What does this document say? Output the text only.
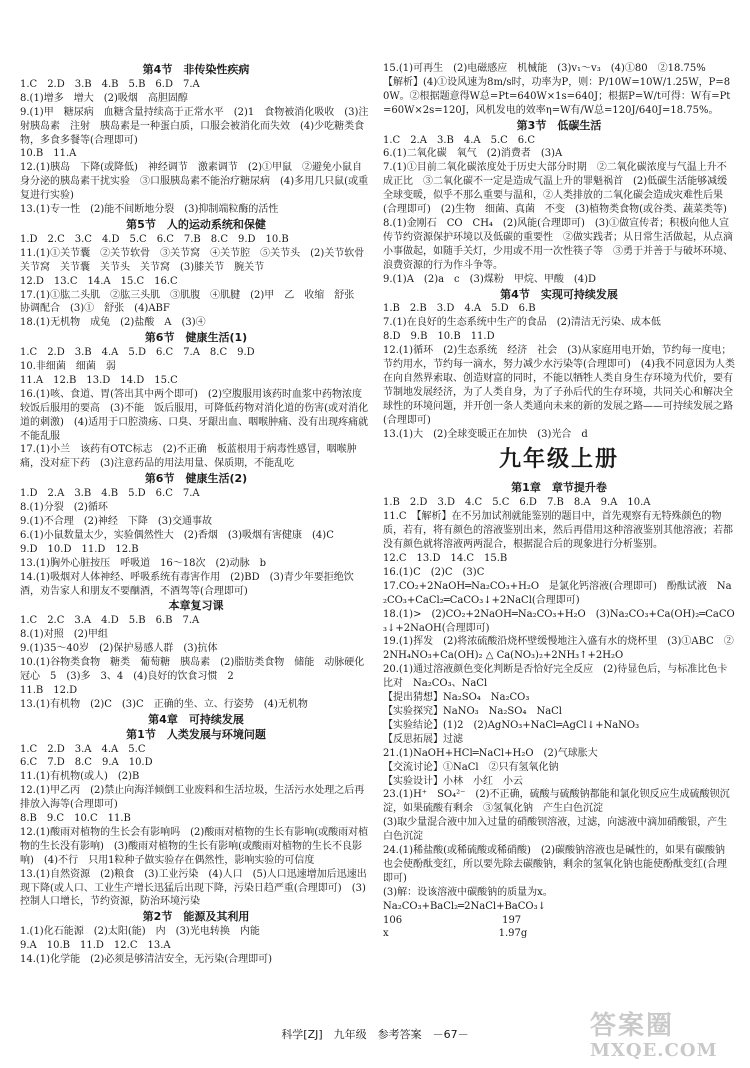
第4节　非传染性疾病
1.C　2.D　3.B　4.B　5.B　6.D　7.A
8.(1)增多　增大　(2)吸烟　高胆固醇
9.(1)甲　糖尿病　血糖含量持续高于正常水平　(2)1　食物被消化吸收　(3)注射胰岛素　注射　胰岛素是一种蛋白质，口服会被消化而失效　(4)少吃糖类食物，多食多餐等(合理即可)
10.B　11.A
12.(1)胰岛　下降(或降低)　神经调节　激素调节　(2)①甲鼠　②避免小鼠自身分泌的胰岛素干扰实验　③口服胰岛素不能治疗糖尿病　(4)多用几只鼠(或重复进行实验)
13.(1)专一性　(2)能不间断地分裂　(3)抑制端粒酶的活性
第5节　人的运动系统和保健
1.D　2.C　3.C　4.D　5.C　6.C　7.B　8.C　9.D　10.B
11.(1)①关节囊　②关节软骨　③关节窝　④关节腔　⑤关节头　(2)关节软骨　关节窝　关节囊　关节头　关节窝　(3)膝关节　腕关节
12.D　13.C　14.A　15.C　16.C
17.(1)①肱二头肌　②肱三头肌　③肌腹　④肌腱　(2)甲　乙　收缩　舒张　协调配合　(3)①　舒张　(4)ABF
18.(1)无机物　成兔　(2)盐酸　A　(3)④
第6节　健康生活(1)
1.C　2.D　3.B　4.A　5.D　6.C　7.A　8.C　9.D
10.非细菌　细菌　弱
11.A　12.B　13.D　14.D　15.C
16.(1)咳、食道、胃(答出其中两个即可)　(2)空腹服用该药时血浆中药物浓度较饭后服用的要高　(3)不能　饭后服用，可降低药物对消化道的伤害(或对消化道的刺激)　(4)适用于口腔溃疡、口臭、牙龈出血、咽喉肿痛、没有出现疼痛就不能乱服
17.(1)小兰　该药有OTC标志　(2)不正确　板蓝根用于病毒性感冒，咽喉肿痛，没对症下药　(3)注意药品的用法用量、保质期，不能乱吃
第6节　健康生活(2)
1.D　2.A　3.B　4.B　5.D　6.C　7.A
8.(1)分裂　(2)循环
9.(1)不合理　(2)神经　下降　(3)交通事故
6.(1)小鼠数量太少，实验偶然性大　(2)香烟　(3)吸烟有害健康　(4)C
9.D　10.D　11.D　12.B
13.(1)胸外心脏按压　呼吸道　16～18次　(2)动脉　b
14.(1)吸烟对人体神经、呼吸系统有毒害作用　(2)BD　(3)青少年要拒绝饮酒，劝告家人和朋友不要酗酒，不酒驾等(合理即可)
本章复习课
1.C　2.C　3.A　4.D　5.B　6.B　7.A
8.(1)对照　(2)甲组
9.(1)35～40岁　(2)保护易感人群　(3)抗体
10.(1)谷物类食物　糖类　葡萄糖　胰岛素　(2)脂肪类食物　储能　动脉硬化　冠心　5　(3)多　3、4　(4)良好的饮食习惯　2
11.B　12.D
13.(1)有机物　(2)C　(3)C　正确的坐、立、行姿势　(4)无机物
第4章　可持续发展
第1节　人类发展与环境问题
1.C　2.D　3.A　4.A　5.C
6.C　7.D　8.C　9.A　10.D
11.(1)有机物(或人)　(2)B
12.(1)甲乙丙　(2)禁止向海洋倾倒工业废料和生活垃圾，生活污水处理之后再排放入海等(合理即可)
8.B　9.C　10.C　11.B
12.(1)酸雨对植物的生长会有影响吗　(2)酸雨对植物的生长有影响(或酸雨对植物的生长没有影响)　(3)酸雨对植物的生长有影响(或酸雨对植物的生长不良影响)　(4)不行　只用1粒种子做实验存在偶然性，影响实验的可信度
13.(1)自然资源　(2)粮食　(3)工业污染　(4)人口　(5)人口迅速增加后迅速出现下降(或人口、工业生产增长迅猛后出现下降，污染日趋严重(合理即可)　(3)控制人口增长，节约资源，防治环境污染
第2节　能源及其利用
1.(1)化石能源　(2)太阳(能)　内　(3)光电转换　内能
9.A　10.B　11.D　12.C　13.A
14.(1)化学能　(2)必须是够清洁安全，无污染(合理即可)
15.(1)可再生　(2)电磁感应　机械能　(3)v₁～v₃　(4)①80　②18.75%
【解析】(4)①设风速为8m/s时，功率为P，则：P/10W=10W/1.25W，P=80W。②根据题意得W总=Pt=640W×1s=640J；根据P=W/t可得：W有=Pt=60W×2s=120J，风机发电的效率η=W有/W总=120J/640J=18.75%。
第3节　低碳生活
1.C　2.A　3.B　4.A　5.C　6.C
6.(1)二氧化碳　氧气　(2)消费者　(3)A
7.(1)①目前二氧化碳浓度处于历史大部分时期　②二氧化碳浓度与气温上升不成正比　③二氧化碳不一定是造成气温上升的罪魁祸首　(2)低碳生活能够减缓全球变暖，似乎不那么重要与温和，②人类排放的二氧化碳会造成灾难性后果(合理即可)　(2)生物　细菌、真菌　不变　(3)植物类食物(或谷类、蔬菜类等)
8.(1)金刚石　CO　CH₄　(2)风能(合理即可)　(3)①做宣传者；积极向他人宣传节约资源保护环境以及低碳的重要性　②做实践者；从日常生活做起，从点滴小事做起，如随手关灯，少用或不用一次性筷子等　③勇于并善于与破坏环境、浪费资源的行为作斗争等。
9.(1)A　(2)a　c　(3)煤粉　甲烷、甲酸　(4)D
第4节　实现可持续发展
1.B　2.B　3.D　4.A　5.D　6.B
7.(1)在良好的生态系统中生产的食品　(2)清洁无污染、成本低
8.D　9.B　10.B　11.D
12.(1)循环　(2)生态系统　经济　社会　(3)从家庭用电开始，节约每一度电；节约用水，节约每一滴水，努力减少水污染等(合理即可)　(4)我不同意因为人类在向自然界索取、创造财富的同时，不能以牺牲人类自身生存环境为代价，要有节制地发展经济，为了人类自身，为了子孙后代的生存环境，共同关心和解决全球性的环境问题，并开创一条人类通向未来的新的发展之路——可持续发展之路(合理即可)
13.(1)大　(2)全球变暖正在加快　(3)光合　d
九年级上册
第1章　章节提升卷
1.B　2.D　3.D　4.C　5.C　6.D　7.B　8.A　9.A　10.A
11.C　【解析】在不另加试剂就能鉴别的题目中，首先观察有无特殊颜色的物质，若有，将有颜色的溶液鉴别出来，然后再借用这种溶液鉴别其他溶液；若都没有颜色就将溶液两两混合，根据混合后的现象进行分析鉴别。
12.C　13.D　14.C　15.B
16.(1)C　(2)C　(3)C
17.CO₂+2NaOH═Na₂CO₃+H₂O　是氯化钙溶液(合理即可)　酚酞试液　Na₂CO₃+CaCl₂═CaCO₃↓+2NaCl(合理即可)
18.(1)>　(2)CO₂+2NaOH═Na₂CO₃+H₂O　(3)Na₂CO₃+Ca(OH)₂═CaCO₃↓+2NaOH(合理即可)
19.(1)挥发　(2)将浓硫酸沿烧杯壁缓慢地注入盛有水的烧杯里　(3)①ABC　②2NH₄NO₃+Ca(OH)₂ △ Ca(NO₃)₂+2NH₃↑+2H₂O
20.(1)通过溶液颜色变化判断是否恰好完全反应　(2)待显色后，与标准比色卡比对　Na₂CO₃、NaCl
【提出猜想】Na₂SO₄　Na₂CO₃
【实验探究】NaNO₃　Na₂SO₄　NaCl
【实验结论】(1)2　(2)AgNO₃+NaCl═AgCl↓+NaNO₃
【反思拓展】过滤
21.(1)NaOH+HCl═NaCl+H₂O　(2)气球胀大
【交流讨论】①NaCl　②只有氢氧化钠
【实验设计】小林　小红　小云
23.(1)H⁺　SO₄²⁻　(2)不正确，硫酸与硫酸钠都能和氯化钡反应生成硫酸钡沉淀，如果硫酸有剩余　③氢氧化钠　产生白色沉淀
(3)取少量混合液中加入过量的硝酸钡溶液，过滤，向滤液中滴加硝酸银，产生白色沉淀
24.(1)稀盐酸(或稀硫酸或稀硝酸)　(2)碳酸钠溶液也是碱性的，如果有碳酸钠也会使酚酞变红，所以要先除去碳酸钠，剩余的氢氧化钠也能使酚酞变红(合理即可)
(3)解：设该溶液中碳酸钠的质量为x。
Na₂CO₃+BaCl₂═2NaCl+BaCO₃↓
106　　　　　　　　　　197
x　　　　　　　　　　　1.97g
科学[ZJ]　九年级　参考答案　－67－	答案圈
MXQE.COM
